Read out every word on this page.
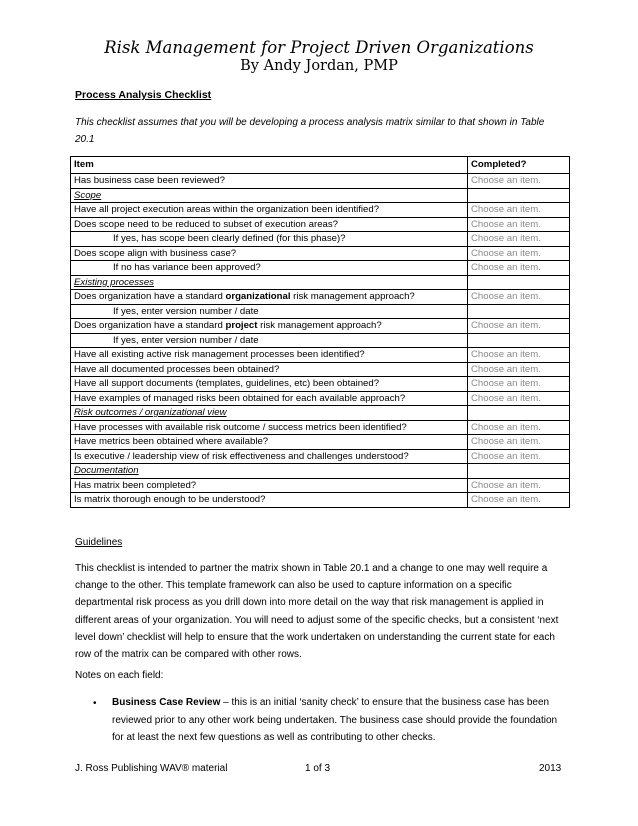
Risk Management for Project Driven Organizations
By Andy Jordan, PMP
Process Analysis Checklist
This checklist assumes that you will be developing a process analysis matrix similar to that shown in Table 20.1
Item	Completed?
Has business case been reviewed?	Choose an item.
Scope	
Have all project execution areas within the organization been identified?	Choose an item.
Does scope need to be reduced to subset of execution areas?	Choose an item.
If yes, has scope been clearly defined (for this phase)?	Choose an item.
Does scope align with business case?	Choose an item.
If no has variance been approved?	Choose an item.
Existing processes	
Does organization have a standard organizational risk management approach?	Choose an item.
If yes, enter version number / date	
Does organization have a standard project risk management approach?	Choose an item.
If yes, enter version number / date	
Have all existing active risk management processes been identified?	Choose an item.
Have all documented processes been obtained?	Choose an item.
Have all support documents (templates, guidelines, etc) been obtained?	Choose an item.
Have examples of managed risks been obtained for each available approach?	Choose an item.
Risk outcomes / organizational view	
Have processes with available risk outcome / success metrics been identified?	Choose an item.
Have metrics been obtained where available?	Choose an item.
Is executive / leadership view of risk effectiveness and challenges understood?	Choose an item.
Documentation	
Has matrix been completed?	Choose an item.
Is matrix thorough enough to be understood?	Choose an item.
Guidelines
This checklist is intended to partner the matrix shown in Table 20.1 and a change to one may well require a change to the other. This template framework can also be used to capture information on a specific departmental risk process as you drill down into more detail on the way that risk management is applied in different areas of your organization. You will need to adjust some of the specific checks, but a consistent ‘next level down’ checklist will help to ensure that the work undertaken on understanding the current state for each row of the matrix can be compared with other rows.
Notes on each field:
• Business Case Review – this is an initial ‘sanity check’ to ensure that the business case has been reviewed prior to any other work being undertaken. The business case should provide the foundation for at least the next few questions as well as contributing to other checks.
J. Ross Publishing WAV® material	1 of 3	2013
